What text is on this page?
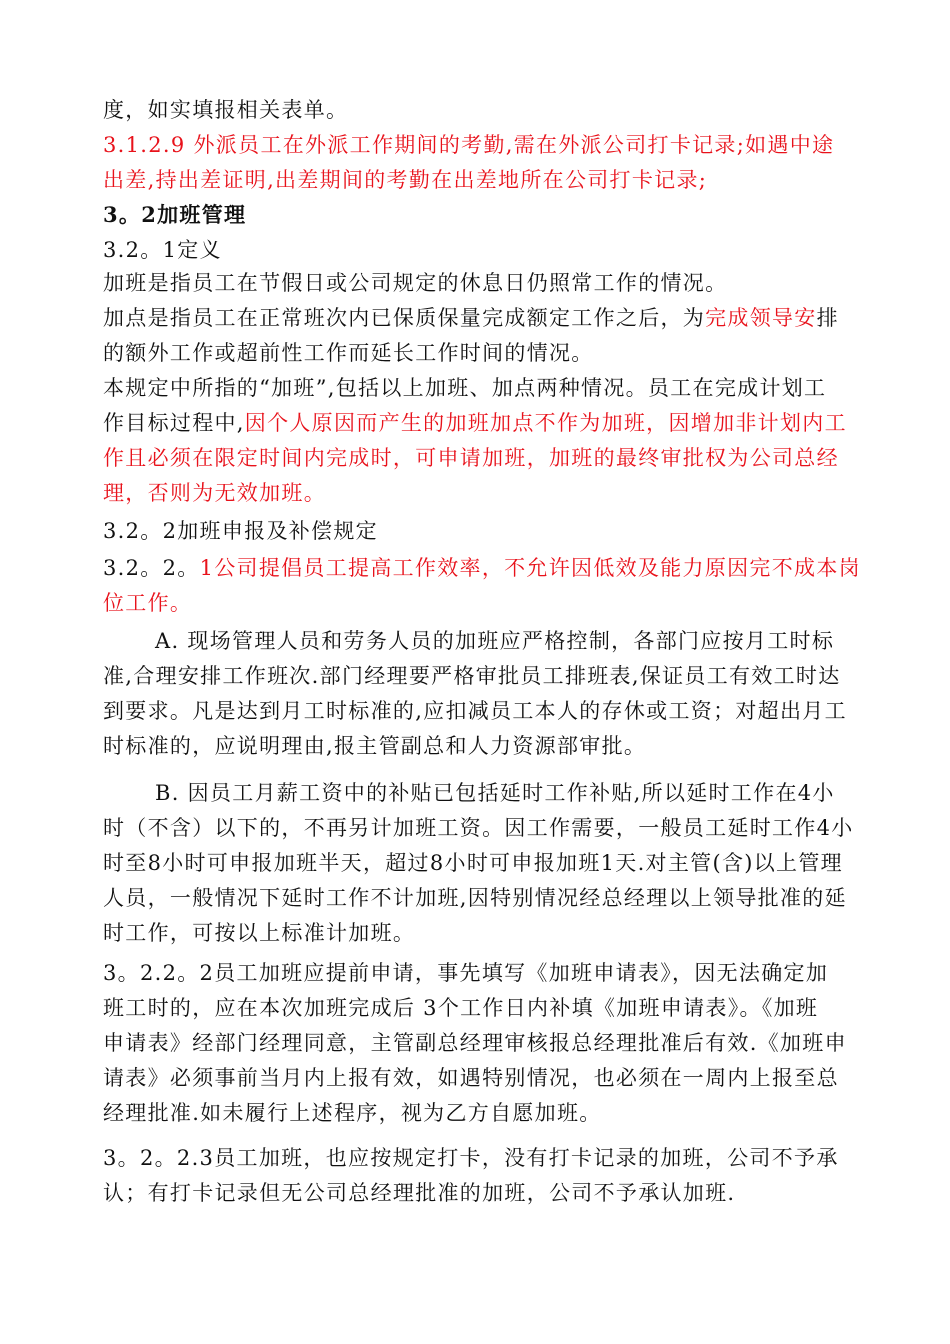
度，如实填报相关表单。
3.1.2.9 外派员工在外派工作期间的考勤,需在外派公司打卡记录;如遇中途
出差,持出差证明,出差期间的考勤在出差地所在公司打卡记录;
3。2加班管理
3.2。1定义
加班是指员工在节假日或公司规定的休息日仍照常工作的情况。
加点是指员工在正常班次内已保质保量完成额定工作之后，为完成领导安排
的额外工作或超前性工作而延长工作时间的情况。
本规定中所指的“加班”,包括以上加班、加点两种情况。员工在完成计划工
作目标过程中,因个人原因而产生的加班加点不作为加班，因增加非计划内工
作且必须在限定时间内完成时，可申请加班，加班的最终审批权为公司总经
理，否则为无效加班。
3.2。2加班申报及补偿规定
3.2。2。1公司提倡员工提高工作效率，不允许因低效及能力原因完不成本岗
位工作。
A. 现场管理人员和劳务人员的加班应严格控制，各部门应按月工时标
准,合理安排工作班次.部门经理要严格审批员工排班表,保证员工有效工时达
到要求。凡是达到月工时标准的,应扣减员工本人的存休或工资；对超出月工
时标准的，应说明理由,报主管副总和人力资源部审批。
B. 因员工月薪工资中的补贴已包括延时工作补贴,所以延时工作在4小
时（不含）以下的，不再另计加班工资。因工作需要，一般员工延时工作4小
时至8小时可申报加班半天，超过8小时可申报加班1天.对主管(含)以上管理
人员，一般情况下延时工作不计加班,因特别情况经总经理以上领导批准的延
时工作，可按以上标准计加班。
3。2.2。2员工加班应提前申请，事先填写《加班申请表》，因无法确定加
班工时的，应在本次加班完成后 3个工作日内补填《加班申请表》。《加班
申请表》经部门经理同意，主管副总经理审核报总经理批准后有效.《加班申
请表》必须事前当月内上报有效，如遇特别情况，也必须在一周内上报至总
经理批准.如未履行上述程序，视为乙方自愿加班。
3。2。2.3员工加班，也应按规定打卡，没有打卡记录的加班，公司不予承
认；有打卡记录但无公司总经理批准的加班，公司不予承认加班.
